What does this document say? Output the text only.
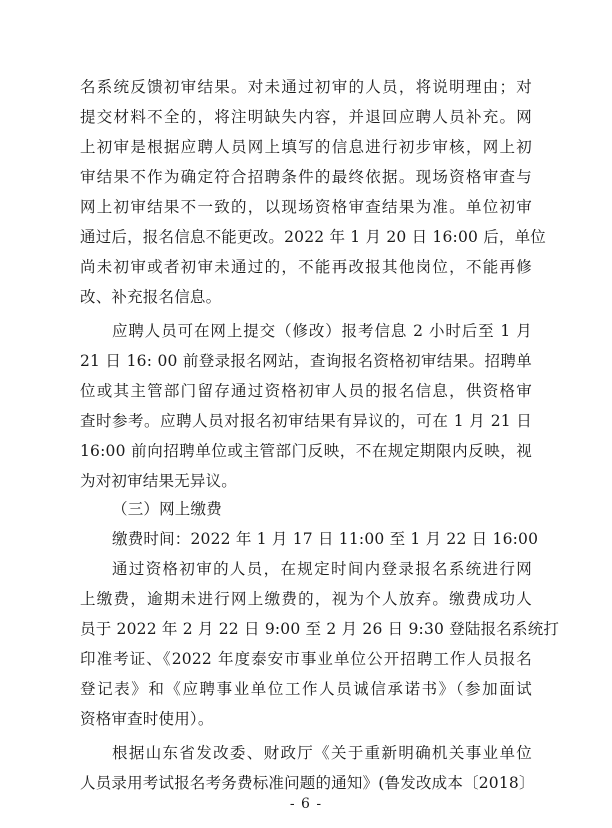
名系统反馈初审结果。对未通过初审的人员，将说明理由；对
提交材料不全的，将注明缺失内容，并退回应聘人员补充。网
上初审是根据应聘人员网上填写的信息进行初步审核，网上初
审结果不作为确定符合招聘条件的最终依据。现场资格审查与
网上初审结果不一致的，以现场资格审查结果为准。单位初审
通过后，报名信息不能更改。2022 年 1 月 20 日 16:00 后，单位
尚未初审或者初审未通过的，不能再改报其他岗位，不能再修
改、补充报名信息。
应聘人员可在网上提交（修改）报考信息 2 小时后至 1 月
21 日 16: 00 前登录报名网站，查询报名资格初审结果。招聘单
位或其主管部门留存通过资格初审人员的报名信息，供资格审
查时参考。应聘人员对报名初审结果有异议的，可在 1 月 21 日
16:00 前向招聘单位或主管部门反映，不在规定期限内反映，视
为对初审结果无异议。
（三）网上缴费
缴费时间：2022 年 1 月 17 日 11:00 至 1 月 22 日 16:00
通过资格初审的人员，在规定时间内登录报名系统进行网
上缴费，逾期未进行网上缴费的，视为个人放弃。缴费成功人
员于 2022 年 2 月 22 日 9:00 至 2 月 26 日 9:30 登陆报名系统打
印准考证、《2022 年度泰安市事业单位公开招聘工作人员报名
登记表》和《应聘事业单位工作人员诚信承诺书》（参加面试
资格审查时使用）。
根据山东省发改委、财政厅《关于重新明确机关事业单位
人员录用考试报名考务费标准问题的通知》(鲁发改成本〔2018〕
- 6 -
